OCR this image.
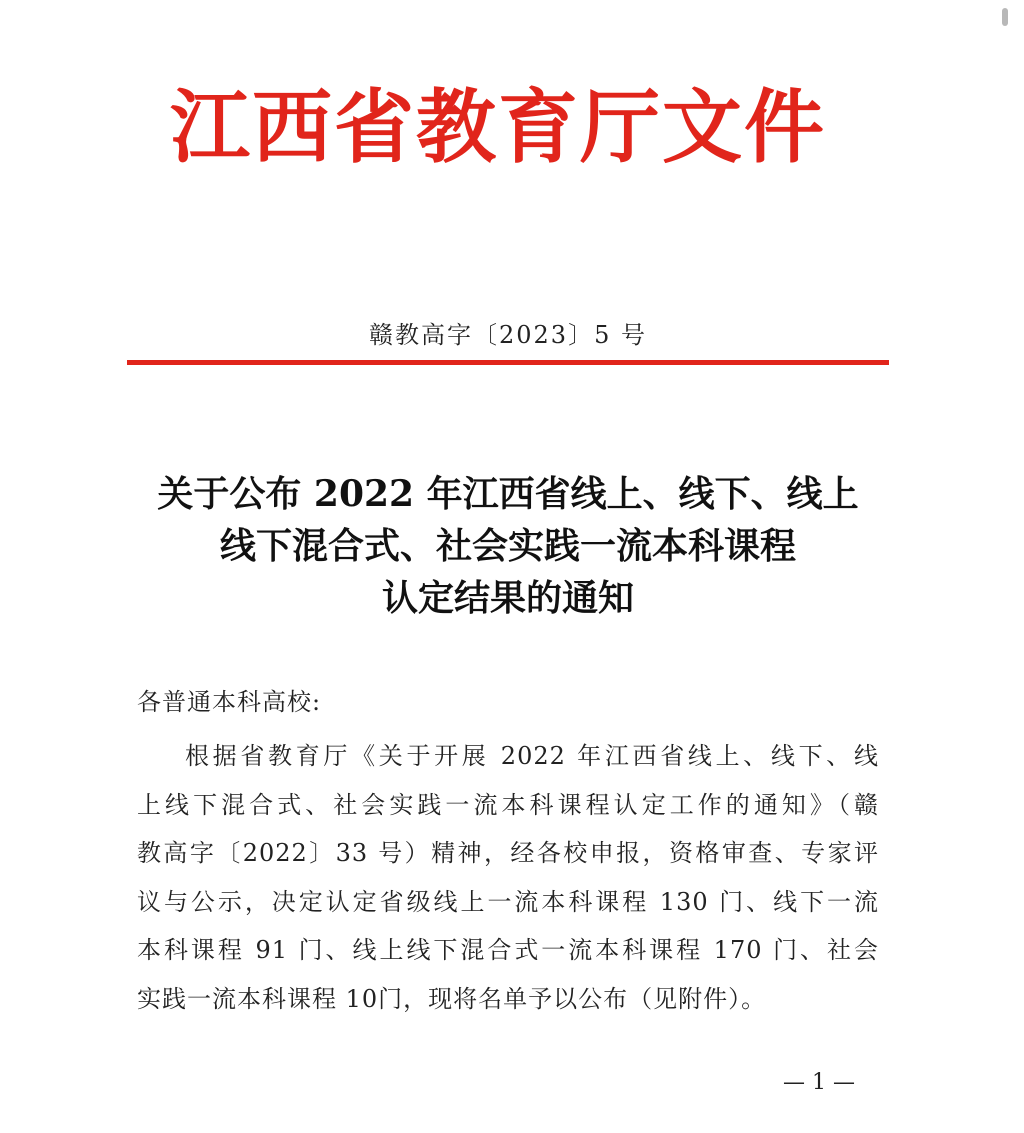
江西省教育厅文件
赣教高字〔2023〕5 号
关于公布 2022 年江西省线上、线下、线上
线下混合式、社会实践一流本科课程
认定结果的通知
各普通本科高校:
根据省教育厅《关于开展 2022 年江西省线上、线下、线
上线下混合式、社会实践一流本科课程认定工作的通知》（赣
教高字〔2022〕33 号）精神，经各校申报，资格审查、专家评
议与公示，决定认定省级线上一流本科课程 130 门、线下一流
本科课程 91 门、线上线下混合式一流本科课程 170 门、社会
实践一流本科课程 10门，现将名单予以公布（见附件）。
— 1 —
